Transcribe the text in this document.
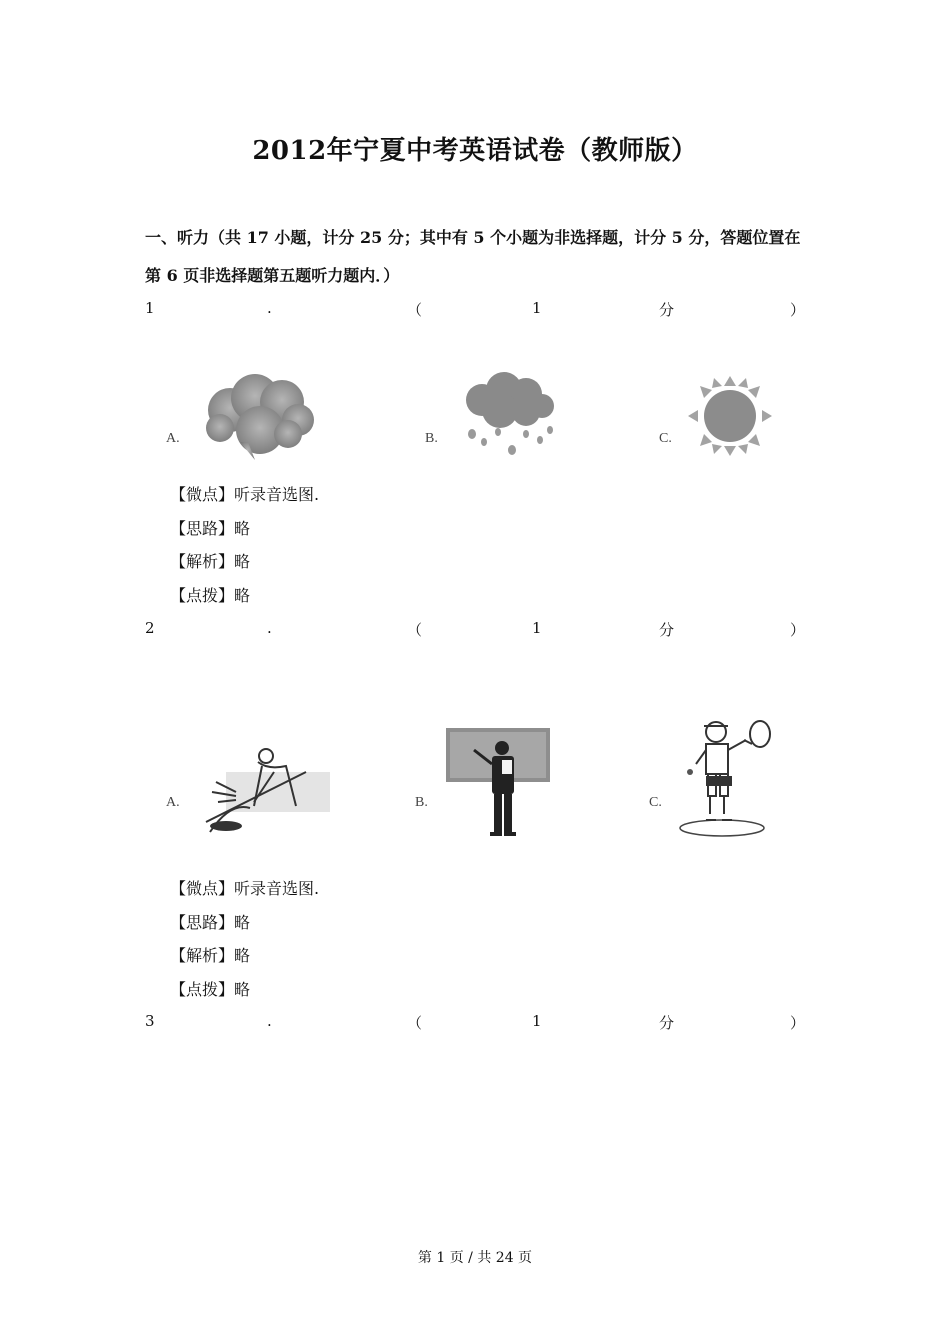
2012年宁夏中考英语试卷（教师版）
一、听力（共 17 小题，计分 25 分；其中有 5 个小题为非选择题，计分 5 分，答题位置在
第 6 页非选择题第五题听力题内．）
1	.	（	1	分	）
A.	B.	C.
【微点】听录音选图.
【思路】略
【解析】略
【点拨】略
2	.	（	1	分	）
A.	B.	C.
【微点】听录音选图.
【思路】略
【解析】略
【点拨】略
3	.	（	1	分	）
第 1 页 / 共 24 页
